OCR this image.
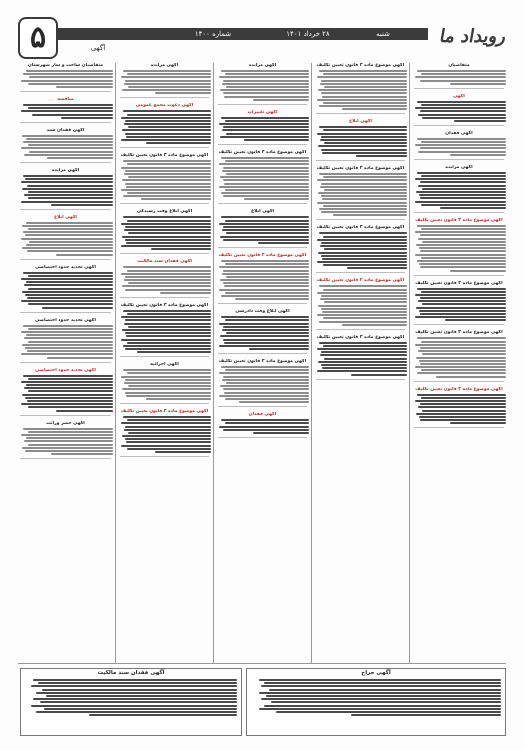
شنبه
۲۸ خرداد ۱۴۰۱
شماره ۱۴۰۰	رویداد ما
۵	آگهی
متقاضیان
آگهی
آگهی فقدان
آگهی مزایده
آگهی موضوع ماده ۳ قانون تعیین تکلیف
آگهی موضوع ماده ۳ قانون تعیین تکلیف
آگهی موضوع ماده ۳ قانون تعیین تکلیف
آگهی موضوع ماده ۳ قانون تعیین تکلیف
آگهی موضوع ماده ۳ قانون تعیین تکلیف
آگهی ابلاغ
آگهی موضوع ماده ۳ قانون تعیین تکلیف
آگهی موضوع ماده ۳ قانون تعیین تکلیف
آگهی موضوع ماده ۳ قانون تعیین تکلیف
آگهی موضوع ماده ۳ قانون تعیین تکلیف
آگهی مزایده
آگهی تغییرات
آگهی موضوع ماده ۳ قانون تعیین تکلیف
آگهی ابلاغ
آگهی موضوع ماده ۳ قانون تعیین تکلیف
آگهی ابلاغ وقت دادرسی
آگهی موضوع ماده ۳ قانون تعیین تکلیف
آگهی فقدان
آگهی مزایده
آگهی دعوت مجمع عمومی
آگهی موضوع ماده ۳ قانون تعیین تکلیف
آگهی ابلاغ وقت رسیدگی
آگهی فقدان سند مالکیت
آگهی موضوع ماده ۳ قانون تعیین تکلیف
آگهی اجرائیه
آگهی موضوع ماده ۳ قانون تعیین تکلیف
متقاضیان ساخت و ساز شهرستان
مناقصه
آگهی فقدان سند
آگهی مزایده
آگهی ابلاغ
آگهی تحدید حدود اختصاصی
آگهی تحدید حدود اختصاصی
آگهی تحدید حدود اختصاصی
آگهی حصر وراثت
آگهی فقدان سند مالکیت	آگهی حراج
